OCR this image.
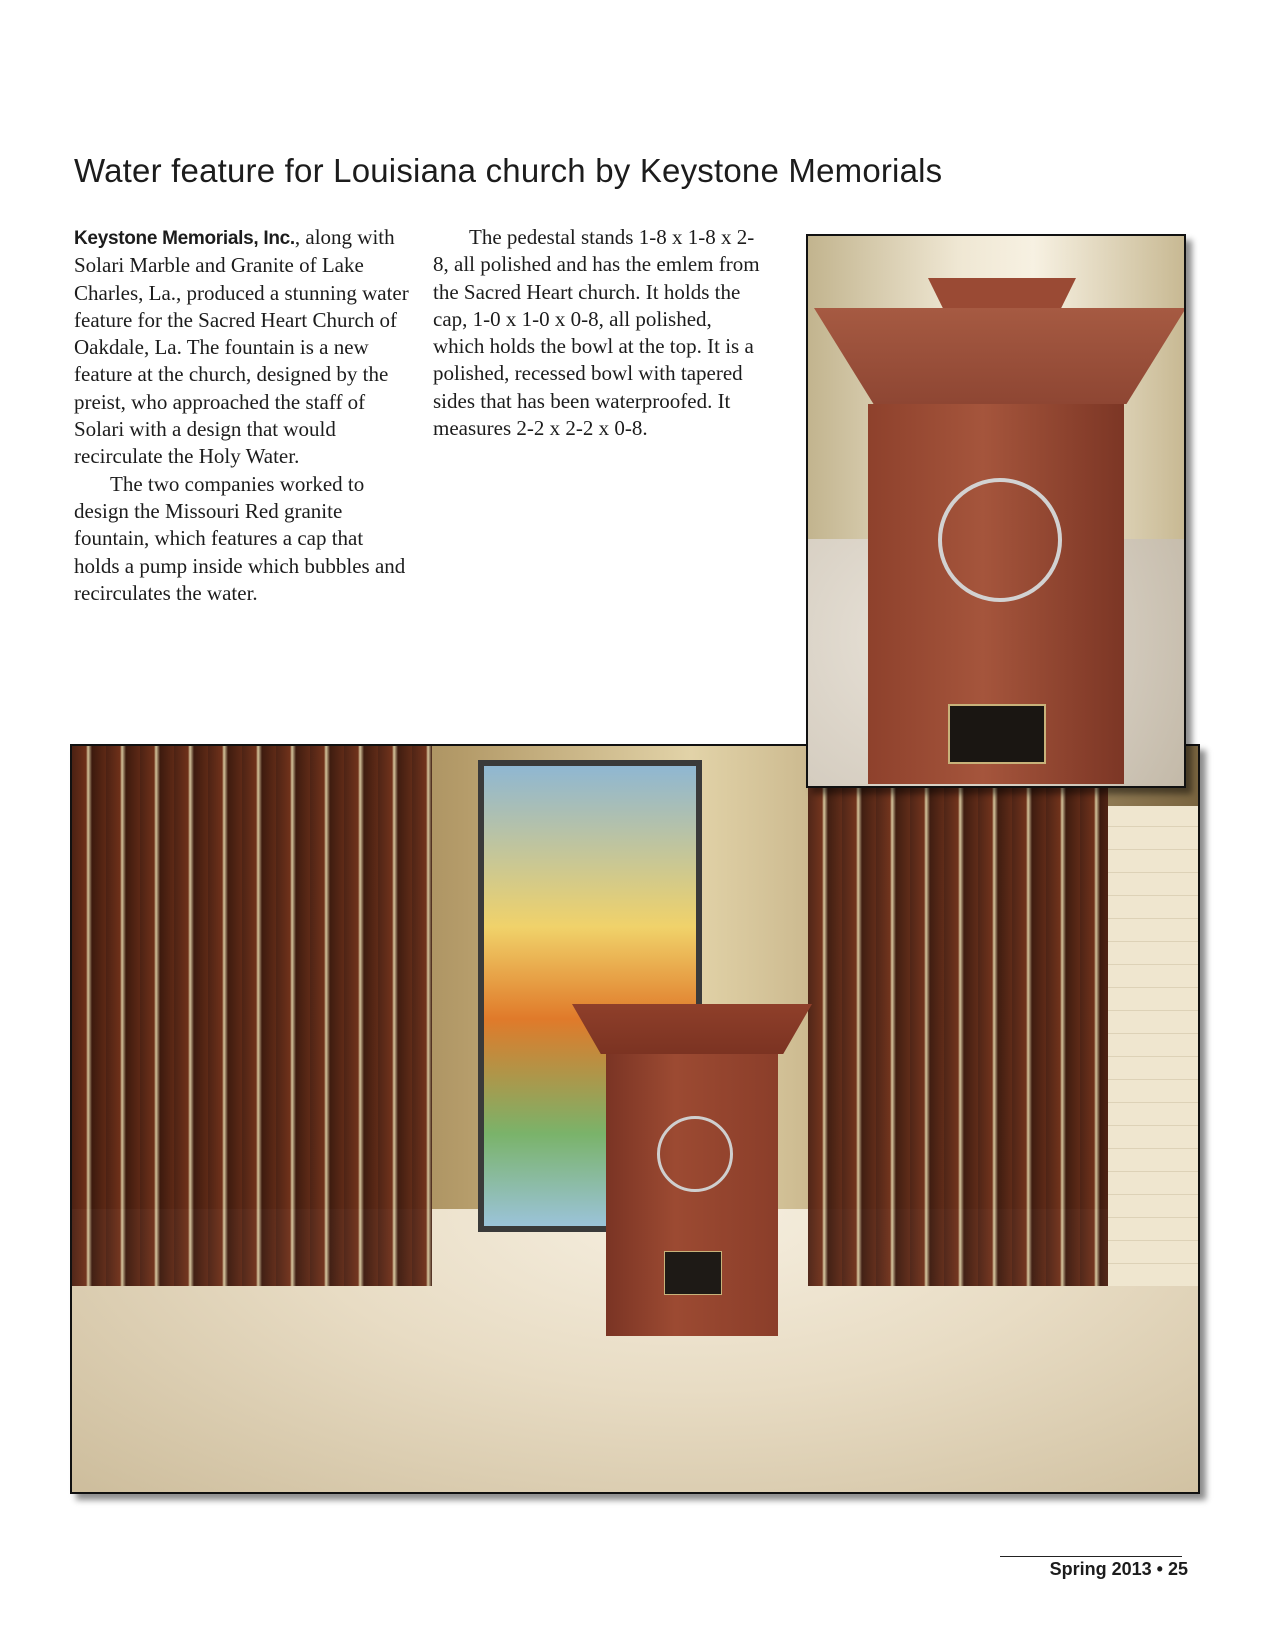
Water feature for Louisiana church by Keystone Memorials

Keystone Memorials, Inc., along with Solari Marble and Granite of Lake Charles, La., produced a stunning water feature for the Sacred Heart Church of Oakdale, La. The fountain is a new feature at the church, designed by the preist, who approached the staff of Solari with a design that would recirculate the Holy Water.

The two companies worked to design the Missouri Red granite fountain, which features a cap that holds a pump inside which bubbles and recirculates the water.

The pedestal stands 1-8 x 1-8 x 2-8, all polished and has the emlem from the Sacred Heart church. It holds the cap, 1-0 x 1-0 x 0-8, all polished, which holds the bowl at the top. It is a polished, recessed bowl with tapered sides that has been waterproofed. It measures 2-2 x 2-2 x 0-8.

Spring 2013 • 25
